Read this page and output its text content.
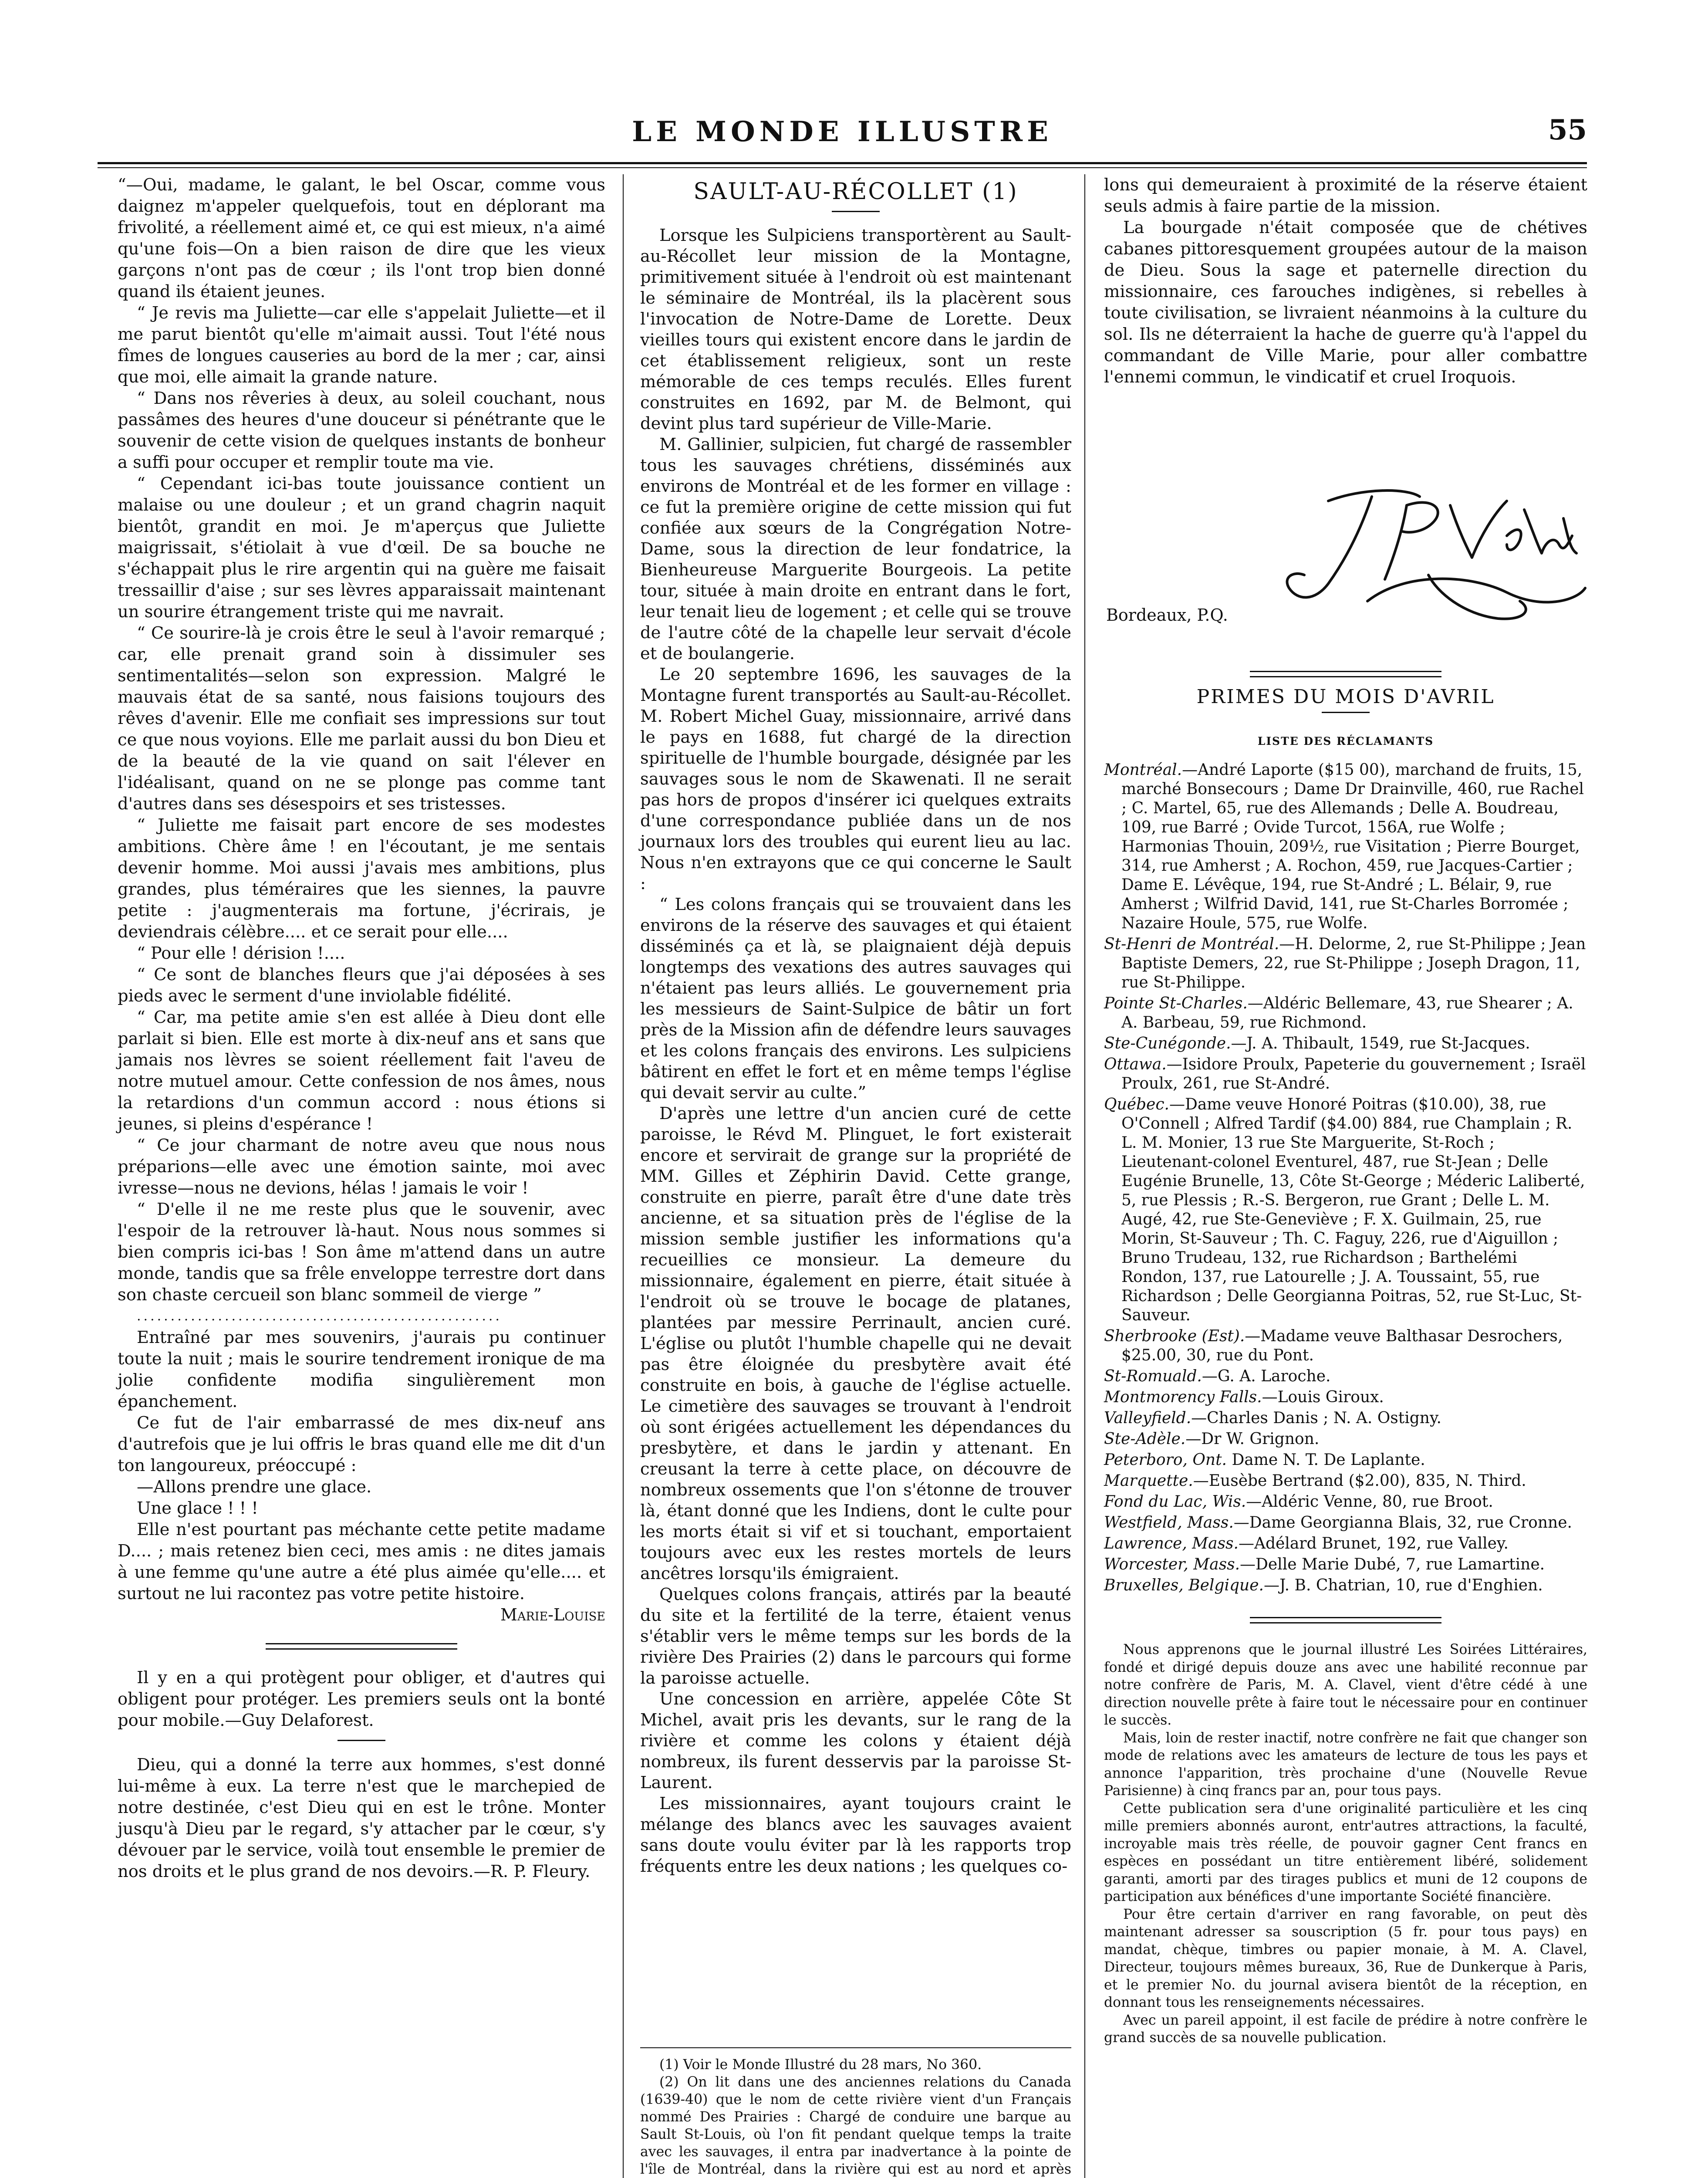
LE MONDE ILLUSTRE	55

“—Oui, madame, le galant, le bel Oscar, comme vous daignez m'appeler quelquefois, tout en déplorant ma frivolité, a réellement aimé et, ce qui est mieux, n'a aimé qu'une fois—On a bien raison de dire que les vieux garçons n'ont pas de cœur ; ils l'ont trop bien donné quand ils étaient jeunes.

“ Je revis ma Juliette—car elle s'appelait Juliette—et il me parut bientôt qu'elle m'aimait aussi. Tout l'été nous fîmes de longues causeries au bord de la mer ; car, ainsi que moi, elle aimait la grande nature.

“ Dans nos rêveries à deux, au soleil couchant, nous passâmes des heures d'une douceur si pénétrante que le souvenir de cette vision de quelques instants de bonheur a suffi pour occuper et remplir toute ma vie.

“ Cependant ici-bas toute jouissance contient un malaise ou une douleur ; et un grand chagrin naquit bientôt, grandit en moi. Je m'aperçus que Juliette maigrissait, s'étiolait à vue d'œil. De sa bouche ne s'échappait plus le rire argentin qui na guère me faisait tressaillir d'aise ; sur ses lèvres apparaissait maintenant un sourire étrangement triste qui me navrait.

“ Ce sourire-là je crois être le seul à l'avoir remarqué ; car, elle prenait grand soin à dissimuler ses sentimentalités—selon son expression. Malgré le mauvais état de sa santé, nous faisions toujours des rêves d'avenir. Elle me confiait ses impressions sur tout ce que nous voyions. Elle me parlait aussi du bon Dieu et de la beauté de la vie quand on sait l'élever en l'idéalisant, quand on ne se plonge pas comme tant d'autres dans ses désespoirs et ses tristesses.

“ Juliette me faisait part encore de ses modestes ambitions. Chère âme ! en l'écoutant, je me sentais devenir homme. Moi aussi j'avais mes ambitions, plus grandes, plus téméraires que les siennes, la pauvre petite : j'augmenterais ma fortune, j'écrirais, je deviendrais célèbre.... et ce serait pour elle....

“ Pour elle ! dérision !....

“ Ce sont de blanches fleurs que j'ai déposées à ses pieds avec le serment d'une inviolable fidélité.

“ Car, ma petite amie s'en est allée à Dieu dont elle parlait si bien. Elle est morte à dix-neuf ans et sans que jamais nos lèvres se soient réellement fait l'aveu de notre mutuel amour. Cette confession de nos âmes, nous la retardions d'un commun accord : nous étions si jeunes, si pleins d'espérance !

“ Ce jour charmant de notre aveu que nous nous préparions—elle avec une émotion sainte, moi avec ivresse—nous ne devions, hélas ! jamais le voir !

“ D'elle il ne me reste plus que le souvenir, avec l'espoir de la retrouver là-haut. Nous nous sommes si bien compris ici-bas ! Son âme m'attend dans un autre monde, tandis que sa frêle enveloppe terrestre dort dans son chaste cercueil son blanc sommeil de vierge ”

......................................................

Entraîné par mes souvenirs, j'aurais pu continuer toute la nuit ; mais le sourire tendrement ironique de ma jolie confidente modifia singulièrement mon épanchement.

Ce fut de l'air embarrassé de mes dix-neuf ans d'autrefois que je lui offris le bras quand elle me dit d'un ton langoureux, préoccupé :

—Allons prendre une glace.

Une glace ! ! !

Elle n'est pourtant pas méchante cette petite madame D.... ; mais retenez bien ceci, mes amis : ne dites jamais à une femme qu'une autre a été plus aimée qu'elle.... et surtout ne lui racontez pas votre petite histoire.

Marie-Louise

Il y en a qui protègent pour obliger, et d'autres qui obligent pour protéger. Les premiers seuls ont la bonté pour mobile.—Guy Delaforest.

Dieu, qui a donné la terre aux hommes, s'est donné lui-même à eux. La terre n'est que le marchepied de notre destinée, c'est Dieu qui en est le trône. Monter jusqu'à Dieu par le regard, s'y attacher par le cœur, s'y dévouer par le service, voilà tout ensemble le premier de nos droits et le plus grand de nos devoirs.—R. P. Fleury.

SAULT-AU-RÉCOLLET (1)

Lorsque les Sulpiciens transportèrent au Sault-au-Récollet leur mission de la Montagne, primitivement située à l'endroit où est maintenant le séminaire de Montréal, ils la placèrent sous l'invocation de Notre-Dame de Lorette. Deux vieilles tours qui existent encore dans le jardin de cet établissement religieux, sont un reste mémorable de ces temps reculés. Elles furent construites en 1692, par M. de Belmont, qui devint plus tard supérieur de Ville-Marie.

M. Gallinier, sulpicien, fut chargé de rassembler tous les sauvages chrétiens, disséminés aux environs de Montréal et de les former en village : ce fut la première origine de cette mission qui fut confiée aux sœurs de la Congrégation Notre-Dame, sous la direction de leur fondatrice, la Bienheureuse Marguerite Bourgeois. La petite tour, située à main droite en entrant dans le fort, leur tenait lieu de logement ; et celle qui se trouve de l'autre côté de la chapelle leur servait d'école et de boulangerie.

Le 20 septembre 1696, les sauvages de la Montagne furent transportés au Sault-au-Récollet. M. Robert Michel Guay, missionnaire, arrivé dans le pays en 1688, fut chargé de la direction spirituelle de l'humble bourgade, désignée par les sauvages sous le nom de Skawenati. Il ne serait pas hors de propos d'insérer ici quelques extraits d'une correspondance publiée dans un de nos journaux lors des troubles qui eurent lieu au lac. Nous n'en extrayons que ce qui concerne le Sault :

“ Les colons français qui se trouvaient dans les environs de la réserve des sauvages et qui étaient disséminés ça et là, se plaignaient déjà depuis longtemps des vexations des autres sauvages qui n'étaient pas leurs alliés. Le gouvernement pria les messieurs de Saint-Sulpice de bâtir un fort près de la Mission afin de défendre leurs sauvages et les colons français des environs. Les sulpiciens bâtirent en effet le fort et en même temps l'église qui devait servir au culte.”

D'après une lettre d'un ancien curé de cette paroisse, le Révd M. Plinguet, le fort existerait encore et servirait de grange sur la propriété de MM. Gilles et Zéphirin David. Cette grange, construite en pierre, paraît être d'une date très ancienne, et sa situation près de l'église de la mission semble justifier les informations qu'a recueillies ce monsieur. La demeure du missionnaire, également en pierre, était située à l'endroit où se trouve le bocage de platanes, plantées par messire Perrinault, ancien curé. L'église ou plutôt l'humble chapelle qui ne devait pas être éloignée du presbytère avait été construite en bois, à gauche de l'église actuelle. Le cimetière des sauvages se trouvant à l'endroit où sont érigées actuellement les dépendances du presbytère, et dans le jardin y attenant. En creusant la terre à cette place, on découvre de nombreux ossements que l'on s'étonne de trouver là, étant donné que les Indiens, dont le culte pour les morts était si vif et si touchant, emportaient toujours avec eux les restes mortels de leurs ancêtres lorsqu'ils émigraient.

Quelques colons français, attirés par la beauté du site et la fertilité de la terre, étaient venus s'établir vers le même temps sur les bords de la rivière Des Prairies (2) dans le parcours qui forme la paroisse actuelle.

Une concession en arrière, appelée Côte St Michel, avait pris les devants, sur le rang de la rivière et comme les colons y étaient déjà nombreux, ils furent desservis par la paroisse St-Laurent.

Les missionnaires, ayant toujours craint le mélange des blancs avec les sauvages avaient sans doute voulu éviter par là les rapports trop fréquents entre les deux nations ; les quelques co-

(1) Voir le Monde Illustré du 28 mars, No 360.

(2) On lit dans une des anciennes relations du Canada (1639-40) que le nom de cette rivière vient d'un Français nommé Des Prairies : Chargé de conduire une barque au Sault St-Louis, où l'on fit pendant quelque temps la traite avec les sauvages, il entra par inadvertance à la pointe de l'île de Montréal, dans la rivière qui est au nord et après

lons qui demeuraient à proximité de la réserve étaient seuls admis à faire partie de la mission.

La bourgade n'était composée que de chétives cabanes pittoresquement groupées autour de la maison de Dieu. Sous la sage et paternelle direction du missionnaire, ces farouches indigènes, si rebelles à toute civilisation, se livraient néanmoins à la culture du sol. Ils ne déterraient la hache de guerre qu'à l'appel du commandant de Ville Marie, pour aller combattre l'ennemi commun, le vindicatif et cruel Iroquois.

Bordeaux, P.Q.
PRIMES DU MOIS D'AVRIL
LISTE DES RÉCLAMANTS

Montréal.—André Laporte ($15 00), marchand de fruits, 15, marché Bonsecours ; Dame Dr Drainville, 460, rue Rachel ; C. Martel, 65, rue des Allemands ; Delle A. Boudreau, 109, rue Barré ; Ovide Turcot, 156A, rue Wolfe ; Harmonias Thouin, 209½, rue Visitation ; Pierre Bourget, 314, rue Amherst ; A. Rochon, 459, rue Jacques-Cartier ; Dame E. Lévêque, 194, rue St-André ; L. Bélair, 9, rue Amherst ; Wilfrid David, 141, rue St-Charles Borromée ; Nazaire Houle, 575, rue Wolfe.

St-Henri de Montréal.—H. Delorme, 2, rue St-Philippe ; Jean Baptiste Demers, 22, rue St-Philippe ; Joseph Dragon, 11, rue St-Philippe.

Pointe St-Charles.—Aldéric Bellemare, 43, rue Shearer ; A. A. Barbeau, 59, rue Richmond.

Ste-Cunégonde.—J. A. Thibault, 1549, rue St-Jacques.

Ottawa.—Isidore Proulx, Papeterie du gouvernement ; Israël Proulx, 261, rue St-André.

Québec.—Dame veuve Honoré Poitras ($10.00), 38, rue O'Connell ; Alfred Tardif ($4.00) 884, rue Champlain ; R. L. M. Monier, 13 rue Ste Marguerite, St-Roch ; Lieutenant-colonel Eventurel, 487, rue St-Jean ; Delle Eugénie Brunelle, 13, Côte St-George ; Méderic Laliberté, 5, rue Plessis ; R.-S. Bergeron, rue Grant ; Delle L. M. Augé, 42, rue Ste-Geneviève ; F. X. Guilmain, 25, rue Morin, St-Sauveur ; Th. C. Faguy, 226, rue d'Aiguillon ; Bruno Trudeau, 132, rue Richardson ; Barthelémi Rondon, 137, rue Latourelle ; J. A. Toussaint, 55, rue Richardson ; Delle Georgianna Poitras, 52, rue St-Luc, St-Sauveur.

Sherbrooke (Est).—Madame veuve Balthasar Desrochers, $25.00, 30, rue du Pont.

St-Romuald.—G. A. Laroche.

Montmorency Falls.—Louis Giroux.

Valleyfield.—Charles Danis ; N. A. Ostigny.

Ste-Adèle.—Dr W. Grignon.

Peterboro, Ont. Dame N. T. De Laplante.

Marquette.—Eusèbe Bertrand ($2.00), 835, N. Third.

Fond du Lac, Wis.—Aldéric Venne, 80, rue Broot.

Westfield, Mass.—Dame Georgianna Blais, 32, rue Cronne.

Lawrence, Mass.—Adélard Brunet, 192, rue Valley.

Worcester, Mass.—Delle Marie Dubé, 7, rue Lamartine.

Bruxelles, Belgique.—J. B. Chatrian, 10, rue d'Enghien.

Nous apprenons que le journal illustré Les Soirées Littéraires, fondé et dirigé depuis douze ans avec une habilité reconnue par notre confrère de Paris, M. A. Clavel, vient d'être cédé à une direction nouvelle prête à faire tout le nécessaire pour en continuer le succès.

Mais, loin de rester inactif, notre confrère ne fait que changer son mode de relations avec les amateurs de lecture de tous les pays et annonce l'apparition, très prochaine d'une (Nouvelle Revue Parisienne) à cinq francs par an, pour tous pays.

Cette publication sera d'une originalité particulière et les cinq mille premiers abonnés auront, entr'autres attractions, la faculté, incroyable mais très réelle, de pouvoir gagner Cent francs en espèces en possédant un titre entièrement libéré, solidement garanti, amorti par des tirages publics et muni de 12 coupons de participation aux bénéfices d'une importante Société financière.

Pour être certain d'arriver en rang favorable, on peut dès maintenant adresser sa souscription (5 fr. pour tous pays) en mandat, chèque, timbres ou papier monaie, à M. A. Clavel, Directeur, toujours mêmes bureaux, 36, Rue de Dunkerque à Paris, et le premier No. du journal avisera bientôt de la réception, en donnant tous les renseignements nécessaires.

Avec un pareil appoint, il est facile de prédire à notre confrère le grand succès de sa nouvelle publication.
